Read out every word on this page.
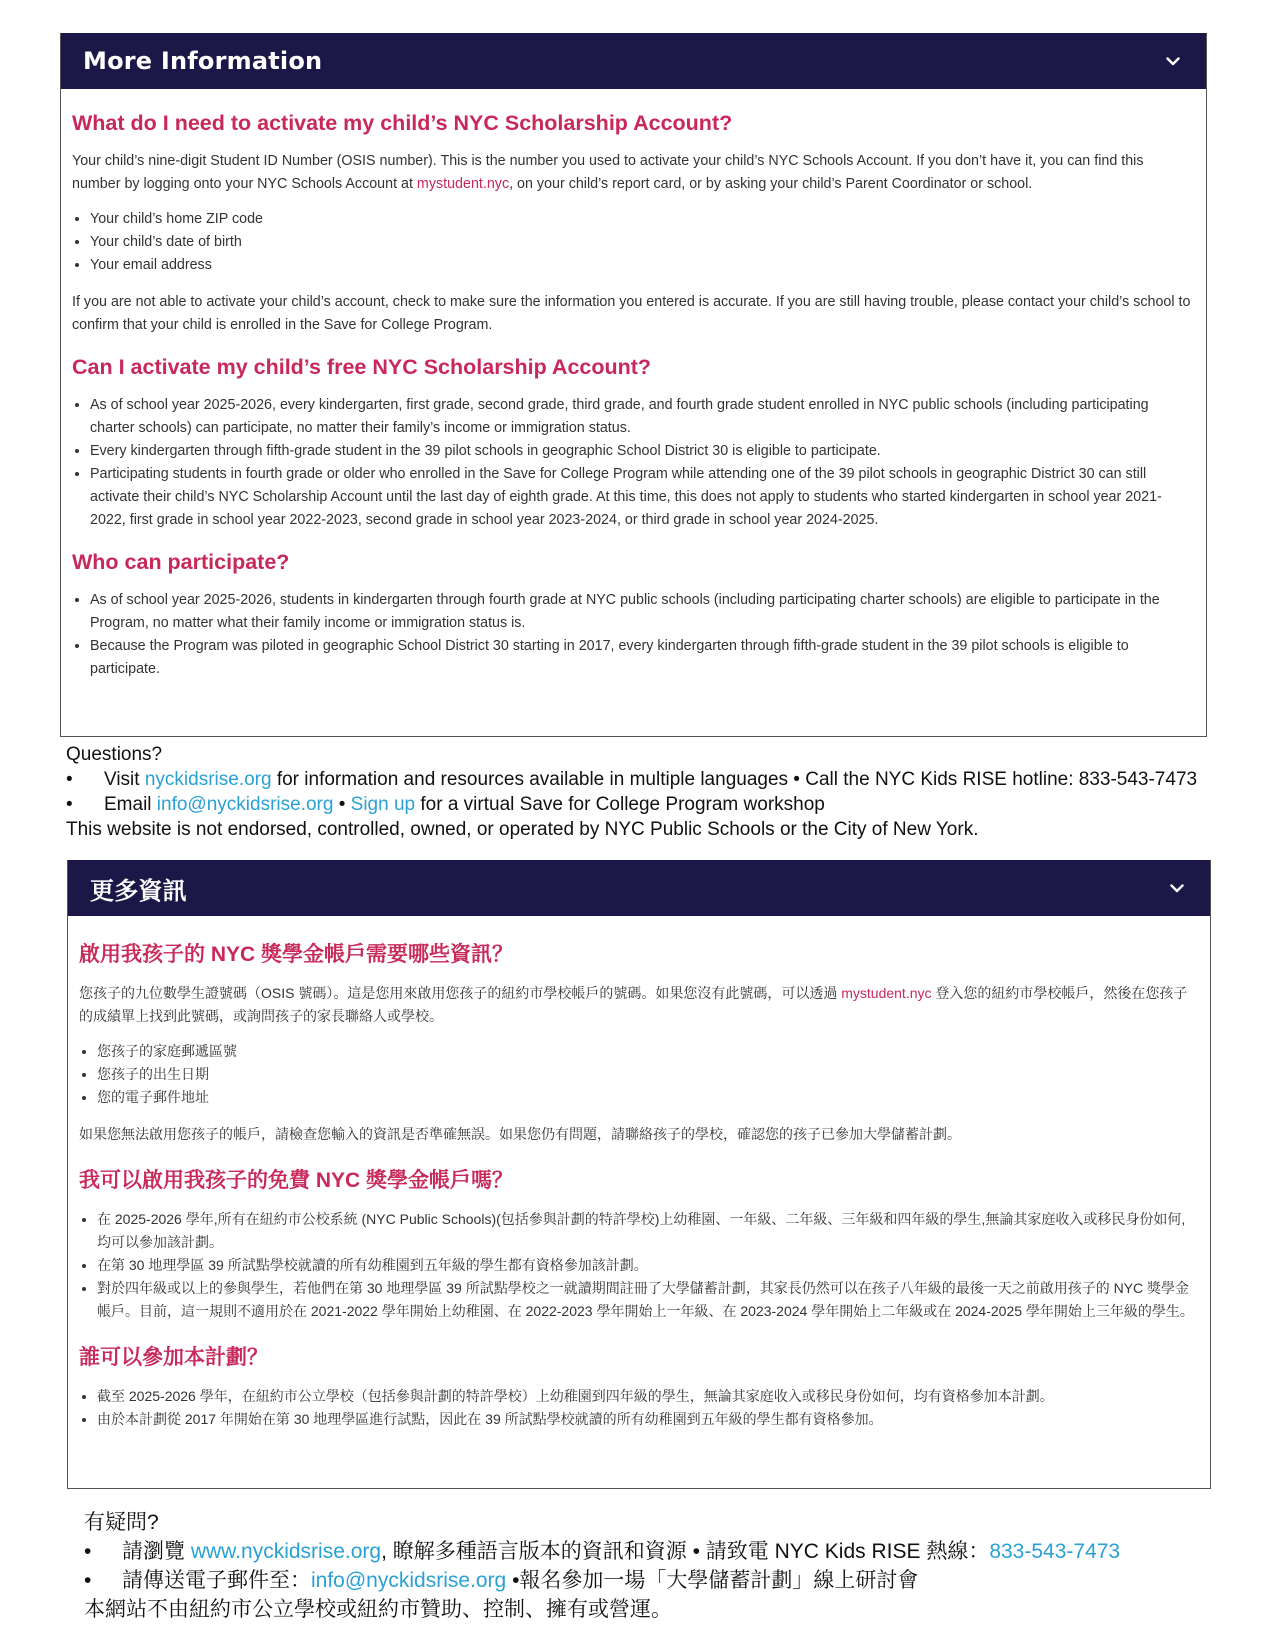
More Information
What do I need to activate my child’s NYC Scholarship Account?

Your child’s nine-digit Student ID Number (OSIS number). This is the number you used to activate your child’s NYC Schools Account. If you don’t have it, you can find this number by logging onto your NYC Schools Account at mystudent.nyc, on your child’s report card, or by asking your child’s Parent Coordinator or school.

• Your child’s home ZIP code
• Your child’s date of birth
• Your email address

If you are not able to activate your child’s account, check to make sure the information you entered is accurate. If you are still having trouble, please contact your child’s school to confirm that your child is enrolled in the Save for College Program.

Can I activate my child’s free NYC Scholarship Account?
• As of school year 2025-2026, every kindergarten, first grade, second grade, third grade, and fourth grade student enrolled in NYC public schools (including participating charter schools) can participate, no matter their family’s income or immigration status.
• Every kindergarten through fifth-grade student in the 39 pilot schools in geographic School District 30 is eligible to participate.
• Participating students in fourth grade or older who enrolled in the Save for College Program while attending one of the 39 pilot schools in geographic District 30 can still activate their child’s NYC Scholarship Account until the last day of eighth grade. At this time, this does not apply to students who started kindergarten in school year 2021-2022, first grade in school year 2022-2023, second grade in school year 2023-2024, or third grade in school year 2024-2025.
Who can participate?
• As of school year 2025-2026, students in kindergarten through fourth grade at NYC public schools (including participating charter schools) are eligible to participate in the Program, no matter what their family income or immigration status is.
• Because the Program was piloted in geographic School District 30 starting in 2017, every kindergarten through fifth-grade student in the 39 pilot schools is eligible to participate.
Questions?
• Visit nyckidsrise.org for information and resources available in multiple languages • Call the NYC Kids RISE hotline: 833-543-7473
• Email info@nyckidsrise.org • Sign up for a virtual Save for College Program workshop
This website is not endorsed, controlled, owned, or operated by NYC Public Schools or the City of New York.
更多資訊
啟用我孩子的 NYC 獎學金帳戶需要哪些資訊？

您孩子的九位數學生證號碼（OSIS 號碼）。這是您用來啟用您孩子的紐約市學校帳戶的號碼。如果您沒有此號碼，可以透過 mystudent.nyc 登入您的紐約市學校帳戶，然後在您孩子的成績單上找到此號碼，或詢問孩子的家長聯絡人或學校。

• 您孩子的家庭郵遞區號
• 您孩子的出生日期
• 您的電子郵件地址

如果您無法啟用您孩子的帳戶，請檢查您輸入的資訊是否準確無誤。如果您仍有問題，請聯絡孩子的學校，確認您的孩子已參加大學儲蓄計劃。

我可以啟用我孩子的免費 NYC 獎學金帳戶嗎？
• 在 2025-2026 學年,所有在紐約市公校系統 (NYC Public Schools)(包括參與計劃的特許學校)上幼稚園、一年級、二年級、三年級和四年級的學生,無論其家庭收入或移民身份如何, 均可以參加該計劃。
• 在第 30 地理學區 39 所試點學校就讀的所有幼稚園到五年級的學生都有資格參加該計劃。
• 對於四年級或以上的參與學生，若他們在第 30 地理學區 39 所試點學校之一就讀期間註冊了大學儲蓄計劃，其家長仍然可以在孩子八年級的最後一天之前啟用孩子的 NYC 獎學金帳戶。目前，這一規則不適用於在 2021-2022 學年開始上幼稚園、在 2022-2023 學年開始上一年級、在 2023-2024 學年開始上二年級或在 2024-2025 學年開始上三年級的學生。
誰可以參加本計劃？
• 截至 2025-2026 學年，在紐約市公立學校（包括參與計劃的特許學校）上幼稚園到四年級的學生，無論其家庭收入或移民身份如何，均有資格參加本計劃。
• 由於本計劃從 2017 年開始在第 30 地理學區進行試點，因此在 39 所試點學校就讀的所有幼稚園到五年級的學生都有資格參加。
有疑問?
• 請瀏覽 www.nyckidsrise.org, 瞭解多種語言版本的資訊和資源 • 請致電 NYC Kids RISE 熱線：833-543-7473
• 請傳送電子郵件至：info@nyckidsrise.org •報名參加一場「大學儲蓄計劃」線上研討會
本網站不由紐約市公立學校或紐約市贊助、控制、擁有或營運。
